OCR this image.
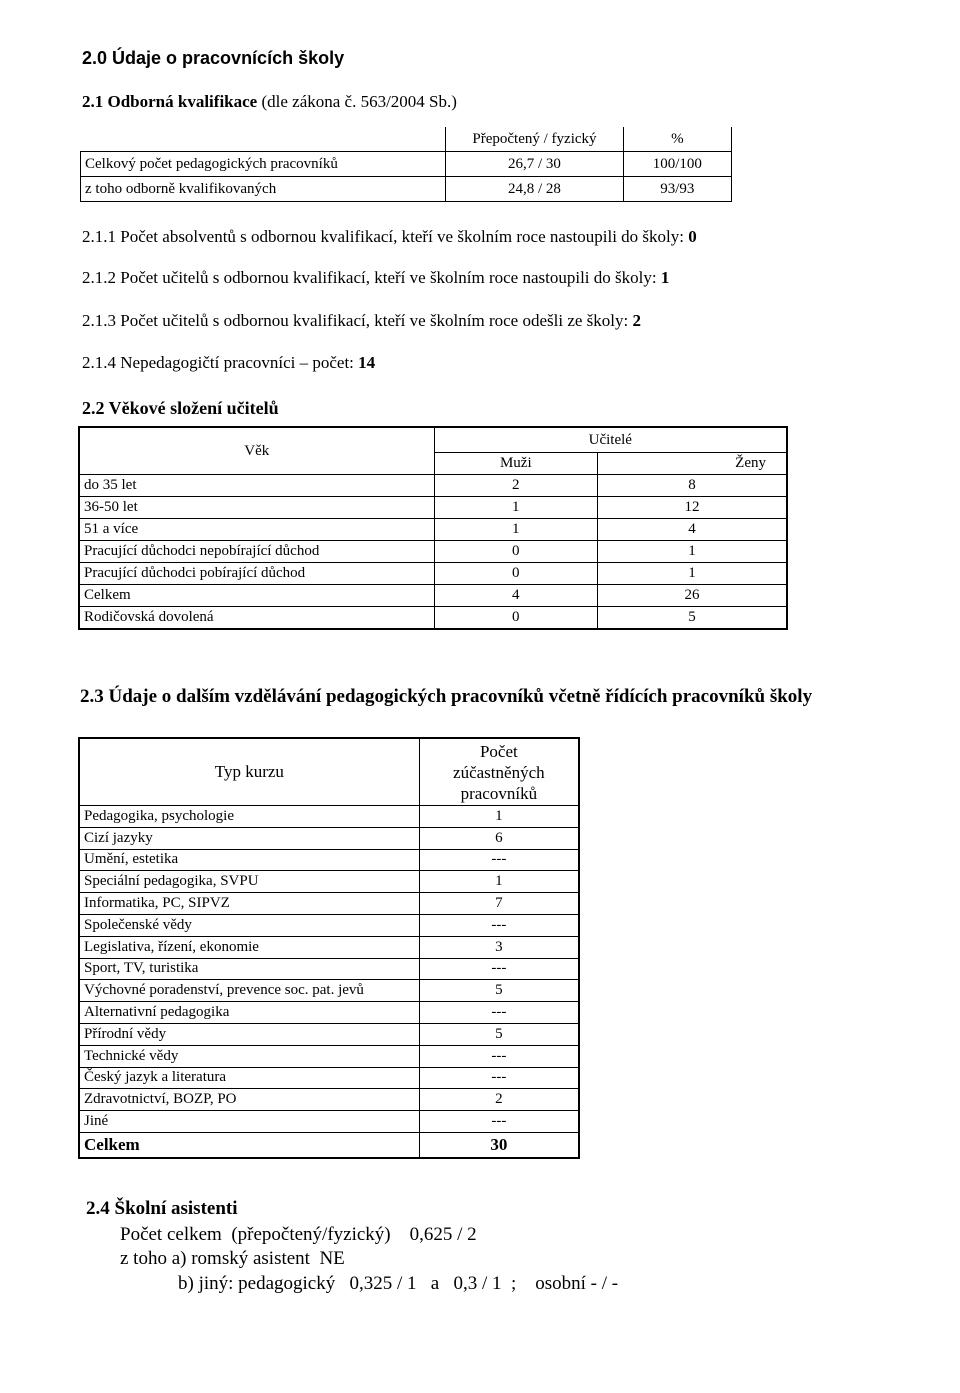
2.0 Údaje o pracovnících školy
2.1 Odborná kvalifikace (dle zákona č. 563/2004 Sb.)
	Přepočtený / fyzický	%
Celkový počet pedagogických pracovníků	26,7 / 30	100/100
z toho odborně kvalifikovaných	24,8 / 28	93/93
2.1.1 Počet absolventů s odbornou kvalifikací, kteří ve školním roce nastoupili do školy: 0
2.1.2 Počet učitelů s odbornou kvalifikací, kteří ve školním roce nastoupili do školy: 1
2.1.3 Počet učitelů s odbornou kvalifikací, kteří ve školním roce odešli ze školy: 2
2.1.4 Nepedagogičtí pracovníci – počet: 14
2.2 Věkové složení učitelů
Věk	Učitelé	
	Muži	Ženy
do 35 let	2	8
36-50 let	1	12
51 a více	1	4
Pracující důchodci nepobírající důchod	0	1
Pracující důchodci pobírající důchod	0	1
Celkem	4	26
Rodičovská dovolená	0	5
2.3 Údaje o dalším vzdělávání pedagogických pracovníků včetně řídících pracovníků školy
Typ kurzu	Počet
zúčastněných
pracovníků

Pedagogika, psychologie	1
Cizí jazyky	6
Umění, estetika	---
Speciální pedagogika, SVPU	1
Informatika, PC, SIPVZ	7
Společenské vědy	---
Legislativa, řízení, ekonomie	3
Sport, TV, turistika	---
Výchovné poradenství, prevence soc. pat. jevů	5
Alternativní pedagogika	---
Přírodní vědy	5
Technické vědy	---
Český jazyk a literatura	---
Zdravotnictví, BOZP, PO	2
Jiné	---
Celkem	30
2.4 Školní asistenti
Počet celkem  (přepočtený/fyzický)    0,625 / 2
z toho a) romský asistent  NE
b) jiný: pedagogický   0,325 / 1   a   0,3 / 1  ;    osobní - / -
